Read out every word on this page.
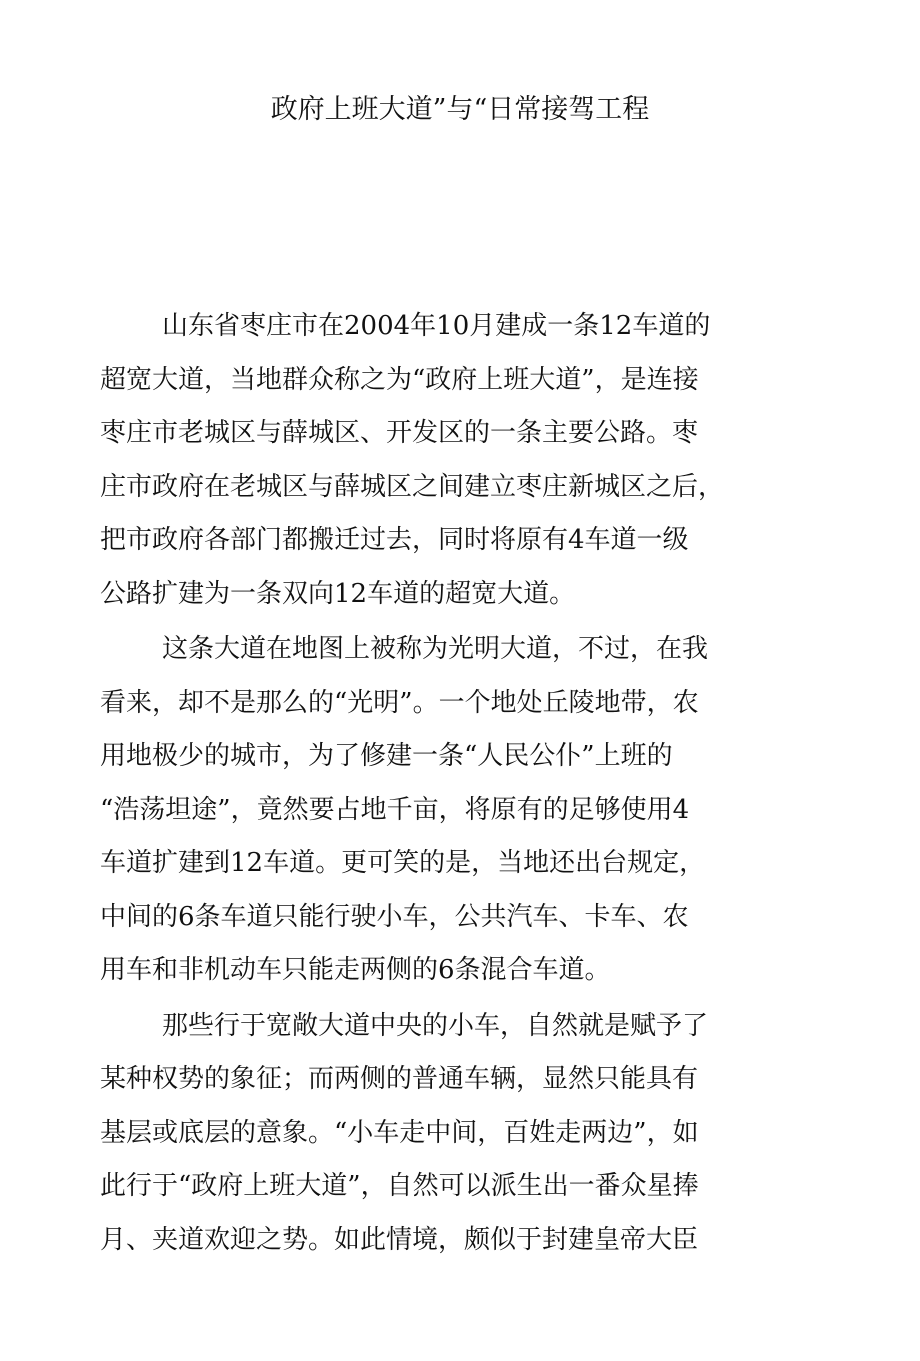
政府上班大道”与“日常接驾工程
山东省枣庄市在2004年10月建成一条12车道的
超宽大道，当地群众称之为“政府上班大道”，是连接
枣庄市老城区与薛城区、开发区的一条主要公路。枣
庄市政府在老城区与薛城区之间建立枣庄新城区之后，
把市政府各部门都搬迁过去，同时将原有4车道一级
公路扩建为一条双向12车道的超宽大道。
这条大道在地图上被称为光明大道，不过，在我
看来，却不是那么的“光明”。一个地处丘陵地带，农
用地极少的城市，为了修建一条“人民公仆”上班的
“浩荡坦途”，竟然要占地千亩，将原有的足够使用4
车道扩建到12车道。更可笑的是，当地还出台规定，
中间的6条车道只能行驶小车，公共汽车、卡车、农
用车和非机动车只能走两侧的6条混合车道。
那些行于宽敞大道中央的小车，自然就是赋予了
某种权势的象征；而两侧的普通车辆，显然只能具有
基层或底层的意象。“小车走中间，百姓走两边”，如
此行于“政府上班大道”，自然可以派生出一番众星捧
月、夹道欢迎之势。如此情境，颇似于封建皇帝大臣
